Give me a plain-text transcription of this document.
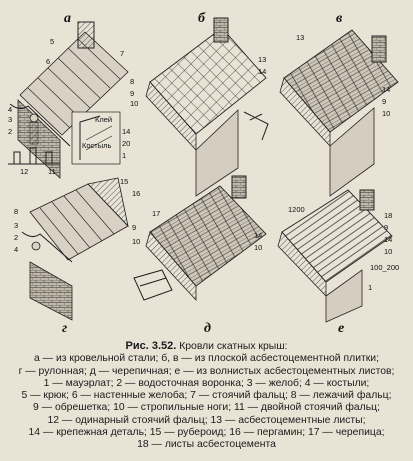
а
Клей
Костыль
5
6
7
4
3
2
8
9
10
12	11
14
20
1
б
13
14
в
13
14
9
10
г
15
16
8
3
2
4
9
10
д
17
14
10
е
1200
18
9
14
10
100_200
1
Рис. 3.52. Кровли скатных крыш:
а — из кровельной стали; б, в — из плоской асбестоцементной плитки;
г — рулонная; д — черепичная; е — из волнистых асбестоцементных листов;
1 — мауэрлат; 2 — водосточная воронка; 3 — желоб; 4 — костыли;
5 — крюк; 6 — настенные желоба; 7 — стоячий фальц; 8 — лежачий фальц;
9 — обрешетка; 10 — стропильные ноги; 11 — двойной стоячий фальц;
12 — одинарный стоячий фальц; 13 — асбестоцементные листы;
14 — крепежная деталь; 15 — рубероид; 16 — пергамин; 17 — черепица;
18 — листы асбестоцемента
